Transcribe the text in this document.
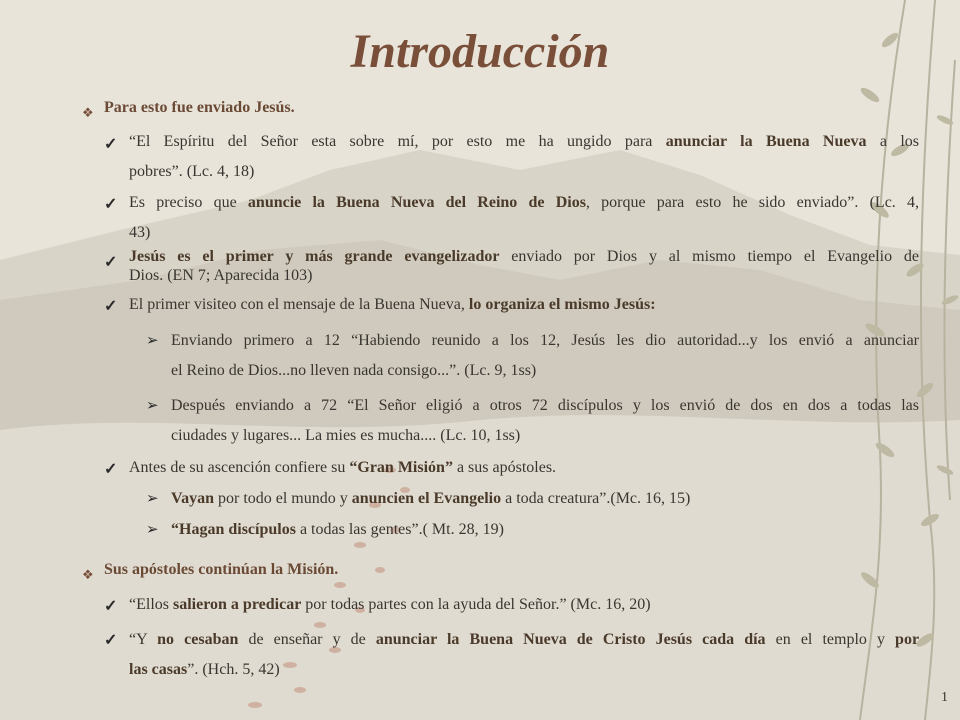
Introducción
❖ Para esto fue enviado Jesús.
✓ “El Espíritu del Señor esta sobre mí, por esto me ha ungido para anunciar la Buena Nueva a los
pobres”. (Lc. 4, 18)
✓ Es preciso que anuncie la Buena Nueva del Reino de Dios, porque para esto he sido enviado”. (Lc. 4,
43)
✓ Jesús es el primer y más grande evangelizador enviado por Dios y al mismo tiempo el Evangelio de
Dios. (EN 7; Aparecida 103)
✓ El primer visiteo con el mensaje de la Buena Nueva, lo organiza el mismo Jesús:
➢ Enviando primero a 12 “Habiendo reunido a los 12, Jesús les dio autoridad...y los envió a anunciar
el Reino de Dios...no lleven nada consigo...”. (Lc. 9, 1ss)
➢ Después enviando a 72 “El Señor eligió a otros 72 discípulos y los envió de dos en dos a todas las
ciudades y lugares... La mies es mucha.... (Lc. 10, 1ss)
✓ Antes de su ascención confiere su “Gran Misión” a sus apóstoles.
➢ Vayan por todo el mundo y anuncien el Evangelio a toda creatura”.(Mc. 16, 15)
➢ “Hagan discípulos a todas las gentes”.( Mt. 28, 19)
❖ Sus apóstoles continúan la Misión.
✓ “Ellos salieron a predicar por todas partes con la ayuda del Señor.” (Mc. 16, 20)
✓ “Y no cesaban de enseñar y de anunciar la Buena Nueva de Cristo Jesús cada día en el templo y por
las casas”. (Hch. 5, 42)
1
